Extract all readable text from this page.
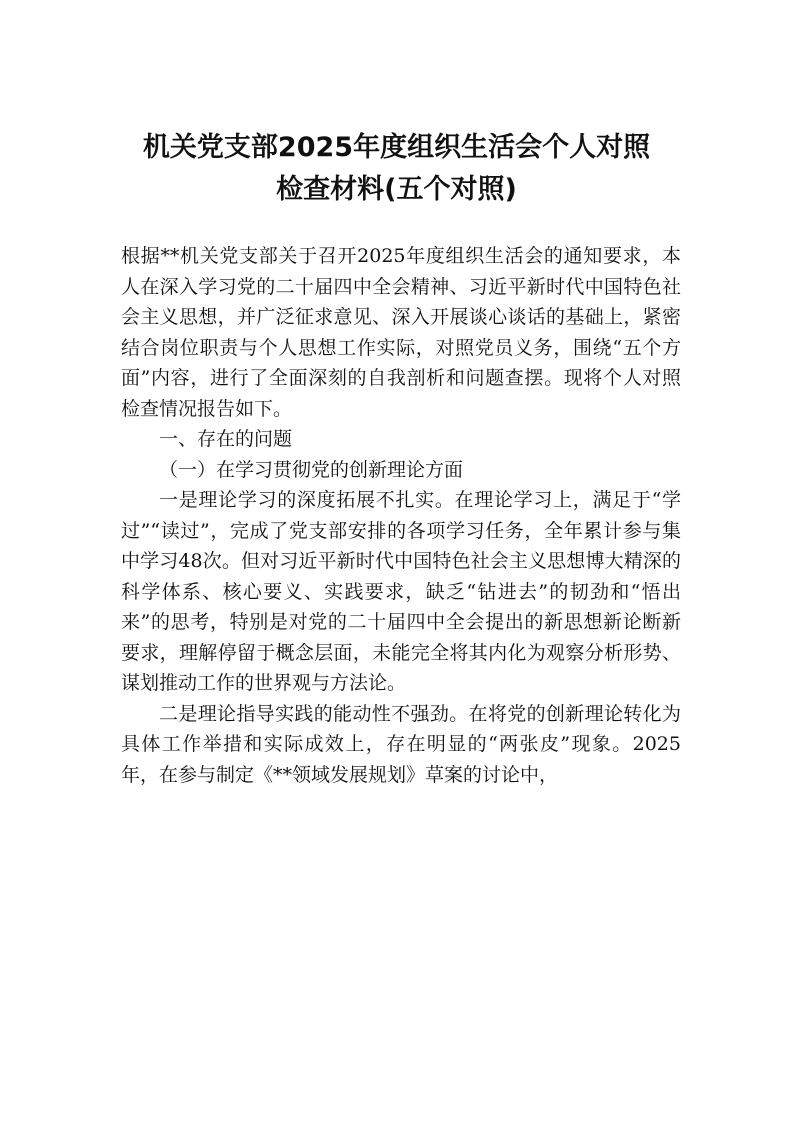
机关党支部2025年度组织生活会个人对照
检查材料(五个对照)

根据**机关党支部关于召开2025年度组织生活会的通知要求，本人在深入学习党的二十届四中全会精神、习近平新时代中国特色社会主义思想，并广泛征求意见、深入开展谈心谈话的基础上，紧密结合岗位职责与个人思想工作实际，对照党员义务，围绕“五个方面”内容，进行了全面深刻的自我剖析和问题查摆。现将个人对照检查情况报告如下。

一、存在的问题

（一）在学习贯彻党的创新理论方面

一是理论学习的深度拓展不扎实。在理论学习上，满足于“学过”“读过”，完成了党支部安排的各项学习任务，全年累计参与集中学习48次。但对习近平新时代中国特色社会主义思想博大精深的科学体系、核心要义、实践要求，缺乏“钻进去”的韧劲和“悟出来”的思考，特别是对党的二十届四中全会提出的新思想新论断新要求，理解停留于概念层面，未能完全将其内化为观察分析形势、谋划推动工作的世界观与方法论。

二是理论指导实践的能动性不强劲。在将党的创新理论转化为具体工作举措和实际成效上，存在明显的“两张皮”现象。2025年，在参与制定《**领域发展规划》草案的讨论中，
